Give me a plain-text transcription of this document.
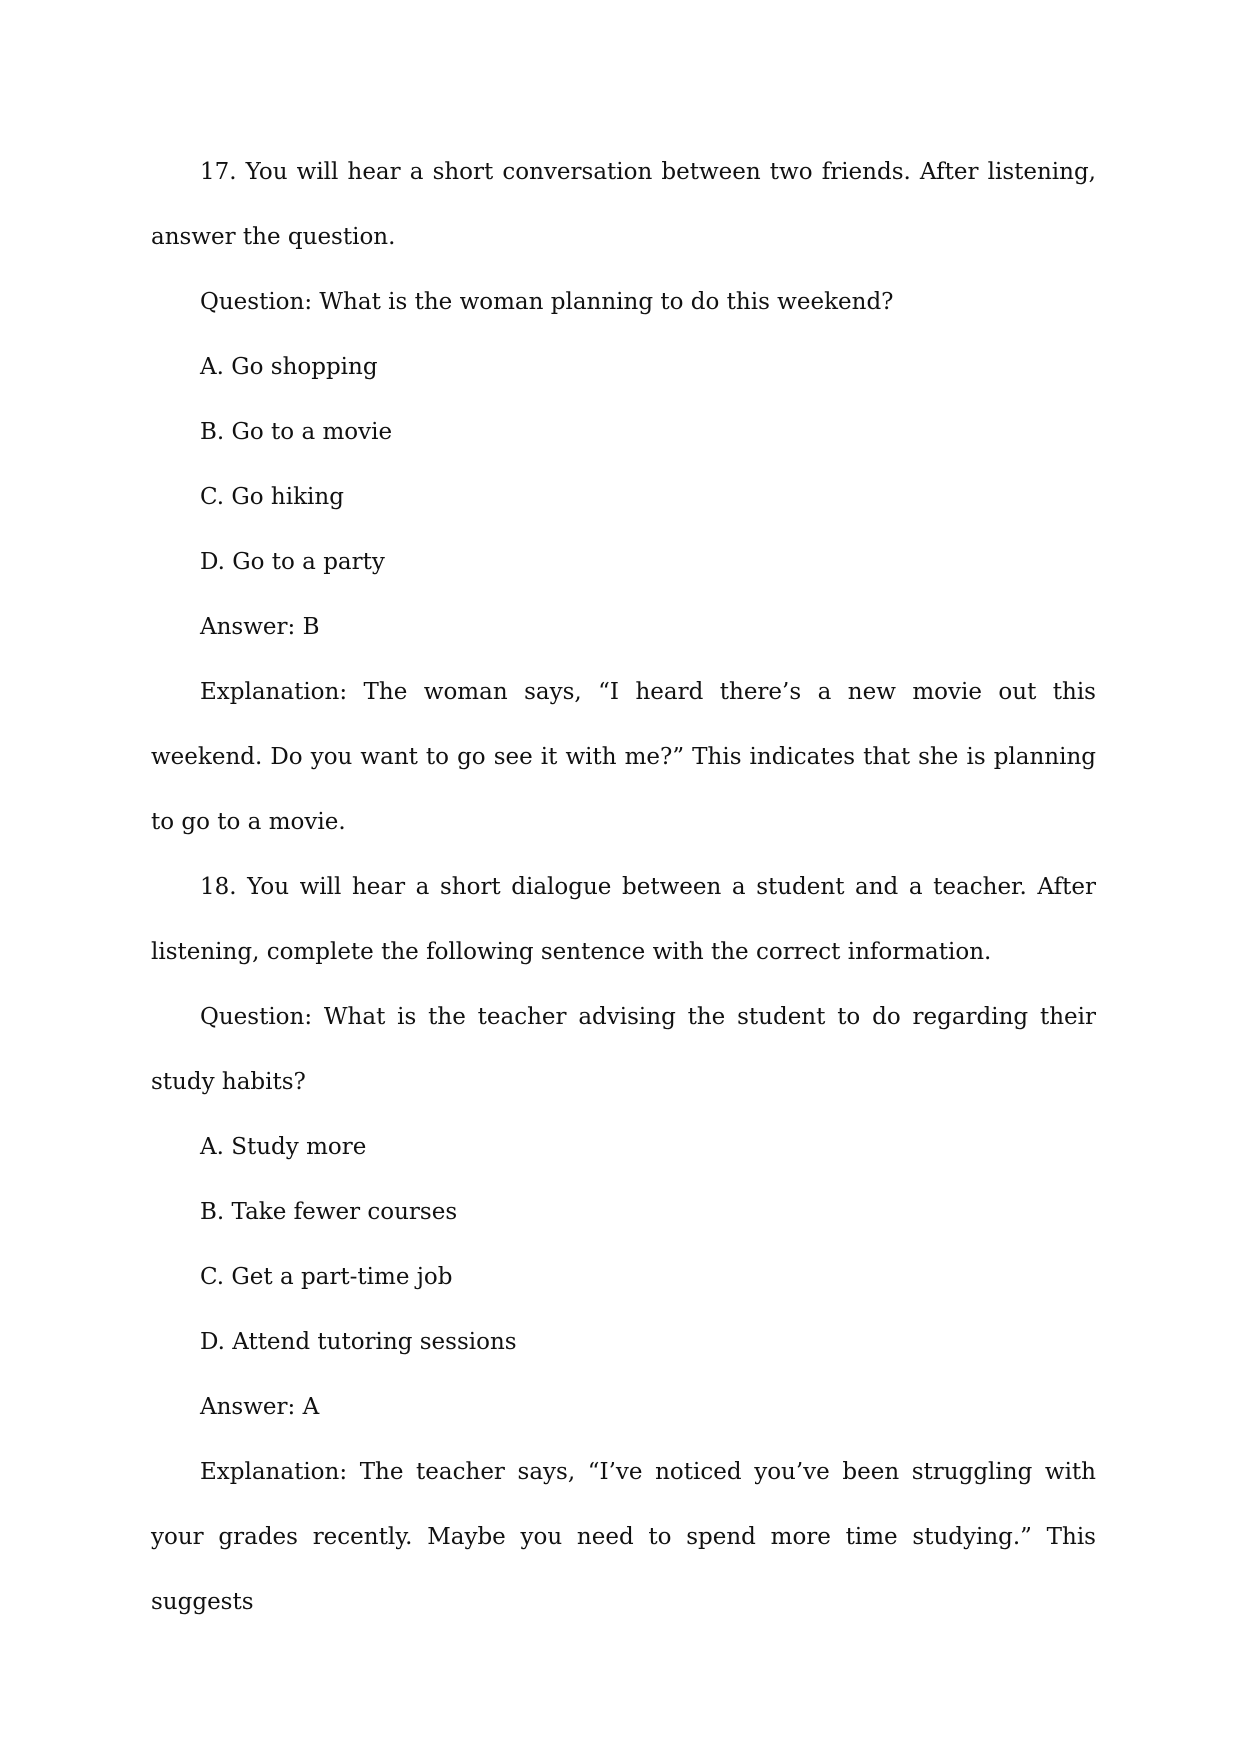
17. You will hear a short conversation between two friends. After listening, answer the question.

Question: What is the woman planning to do this weekend?

A. Go shopping

B. Go to a movie

C. Go hiking

D. Go to a party

Answer: B

Explanation: The woman says, “I heard there’s a new movie out this weekend. Do you want to go see it with me?” This indicates that she is planning to go to a movie.

18. You will hear a short dialogue between a student and a teacher. After listening, complete the following sentence with the correct information.

Question: What is the teacher advising the student to do regarding their study habits?

A. Study more

B. Take fewer courses

C. Get a part-time job

D. Attend tutoring sessions

Answer: A

Explanation: The teacher says, “I’ve noticed you’ve been struggling with your grades recently. Maybe you need to spend more time studying.” This suggests
